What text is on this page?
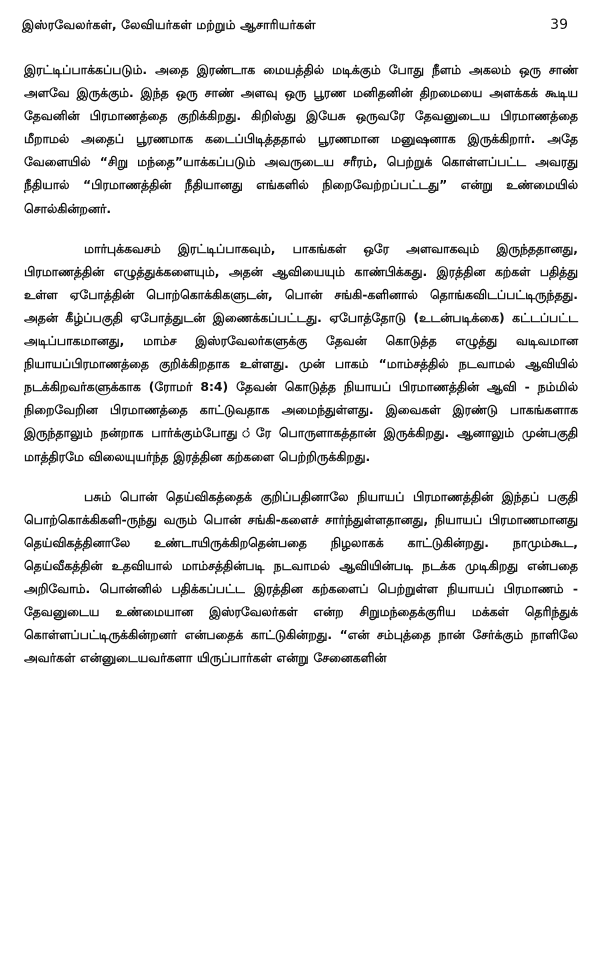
இஸ்ரவேலர்கள், லேவியர்கள் மற்றும் ஆசாரியர்கள்	39

இரட்டிப்பாக்கப்படும். அதை இரண்டாக மையத்தில் மடிக்கும் போது நீளம் அகலம் ஒரு சாண் அளவே இருக்கும். இந்த ஒரு சாண் அளவு ஒரு பூரண மனிதனின் திறமையை அளக்கக் கூடிய தேவனின் பிரமாணத்தை குறிக்கிறது. கிறிஸ்து இயேசு ஒருவரே தேவனுடைய பிரமாணத்தை மீறாமல் அதைப் பூரணமாக கடைப்பிடித்ததால் பூரணமான மனுஷனாக இருக்கிறார். அதே வேளையில் “சிறு மந்தை”யாக்கப்படும் அவருடைய சரீரம், பெற்றுக் கொள்ளப்பட்ட அவரது நீதியால் “பிரமாணத்தின் நீதியானது எங்களில் நிறைவேற்றப்பட்டது” என்று உண்மையில் சொல்கின்றனர்.

மார்புக்கவசம் இரட்டிப்பாகவும், பாகங்கள் ஒரே அளவாகவும் இருந்ததானது, பிரமாணத்தின் எழுத்துக்களையும், அதன் ஆவியையும் காண்பிக்கது. இரத்தின கற்கள் பதித்து உள்ள ஏபோத்தின் பொற்கொக்கிகளுடன், பொன் சங்கி-களினால் தொங்கவிடப்பட்டிருந்தது. அதன் கீழ்ப்பகுதி ஏபோத்துடன் இணைக்கப்பட்டது. ஏபோத்தோடு (உடன்படிக்கை) கட்டப்பட்ட அடிப்பாகமானது, மாம்ச இஸ்ரவேலர்களுக்கு தேவன் கொடுத்த எழுத்து வடிவமான நியாயப்பிரமாணத்தை குறிக்கிறதாக உள்ளது. முன் பாகம் “மாம்சத்தில் நடவாமல் ஆவியில் நடக்கிறவர்களுக்காக (ரோமர் 8:4) தேவன் கொடுத்த நியாயப் பிரமாணத்தின் ஆவி - நம்மில் நிறைவேறின பிரமாணத்தை காட்டுவதாக அமைந்துள்ளது. இவைகள் இரண்டு பாகங்களாக இருந்தாலும் நன்றாக பார்க்கும்போது ்ரே பொருளாகத்தான் இருக்கிறது. ஆனாலும் முன்பகுதி மாத்திரமே விலையுயர்ந்த இரத்தின கற்களை பெற்றிருக்கிறது.

பசும் பொன் தெய்விகத்தைக் குறிப்பதினாலே நியாயப் பிரமாணத்தின் இந்தப் பகுதி பொற்கொக்கிகளி-ருந்து வரும் பொன் சங்கி-களைச் சார்ந்துள்ளதானது, நியாயப் பிரமாணமானது தெய்விகத்தினாலே உண்டாயிருக்கிறதென்பதை நிழலாகக் காட்டுகின்றது. நாமும்கூட, தெய்வீகத்தின் உதவியால் மாம்சத்தின்படி நடவாமல் ஆவியின்படி நடக்க முடிகிறது என்பதை அறிவோம். பொன்னில் பதிக்கப்பட்ட இரத்தின கற்களைப் பெற்றுள்ள நியாயப் பிரமாணம் - தேவனுடைய உண்மையான இஸ்ரவேலர்கள் என்ற சிறுமந்தைக்குரிய மக்கள் தெரிந்துக் கொள்ளப்பட்டிருக்கின்றனர் என்பதைக் காட்டுகின்றது. “என் சம்புத்தை நான் சேர்க்கும் நாளிலே அவர்கள் என்னுடையவர்களா யிருப்பார்கள் என்று சேனைகளின்
